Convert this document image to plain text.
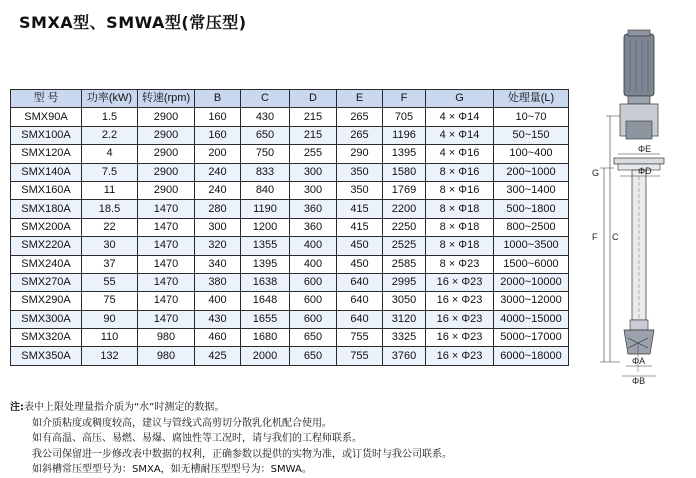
SMXA型、SMWA型(常压型)
型 号	功率(kW)	转速(rpm)	B	C	D	E	F	G	处理量(L)
SMX90A	1.5	2900	160	430	215	265	705	4 × Φ14	10~70
SMX100A	2.2	2900	160	650	215	265	1196	4 × Φ14	50~150
SMX120A	4	2900	200	750	255	290	1395	4 × Φ16	100~400
SMX140A	7.5	2900	240	833	300	350	1580	8 × Φ16	200~1000
SMX160A	11	2900	240	840	300	350	1769	8 × Φ16	300~1400
SMX180A	18.5	1470	280	1190	360	415	2200	8 × Φ18	500~1800
SMX200A	22	1470	300	1200	360	415	2250	8 × Φ18	800~2500
SMX220A	30	1470	320	1355	400	450	2525	8 × Φ18	1000~3500
SMX240A	37	1470	340	1395	400	450	2585	8 × Φ23	1500~6000
SMX270A	55	1470	380	1638	600	640	2995	16 × Φ23	2000~10000
SMX290A	75	1470	400	1648	600	640	3050	16 × Φ23	3000~12000
SMX300A	90	1470	430	1655	600	640	3120	16 × Φ23	4000~15000
SMX320A	110	980	460	1680	650	755	3325	16 × Φ23	5000~17000
SMX350A	132	980	425	2000	650	755	3760	16 × Φ23	6000~18000
ΦE
ΦD
G
F C
ΦA
ΦB
注:表中上限处理量指介质为“水”时测定的数据。
如介质粘度或稠度较高，建议与管线式高剪切分散乳化机配合使用。
如有高温、高压、易燃、易爆、腐蚀性等工况时，请与我们的工程师联系。
我公司保留进一步修改表中数据的权利，正确参数以提供的实物为准，或订货时与我公司联系。
如斜槽常压型型号为：SMXA，如无槽耐压型型号为：SMWA。
